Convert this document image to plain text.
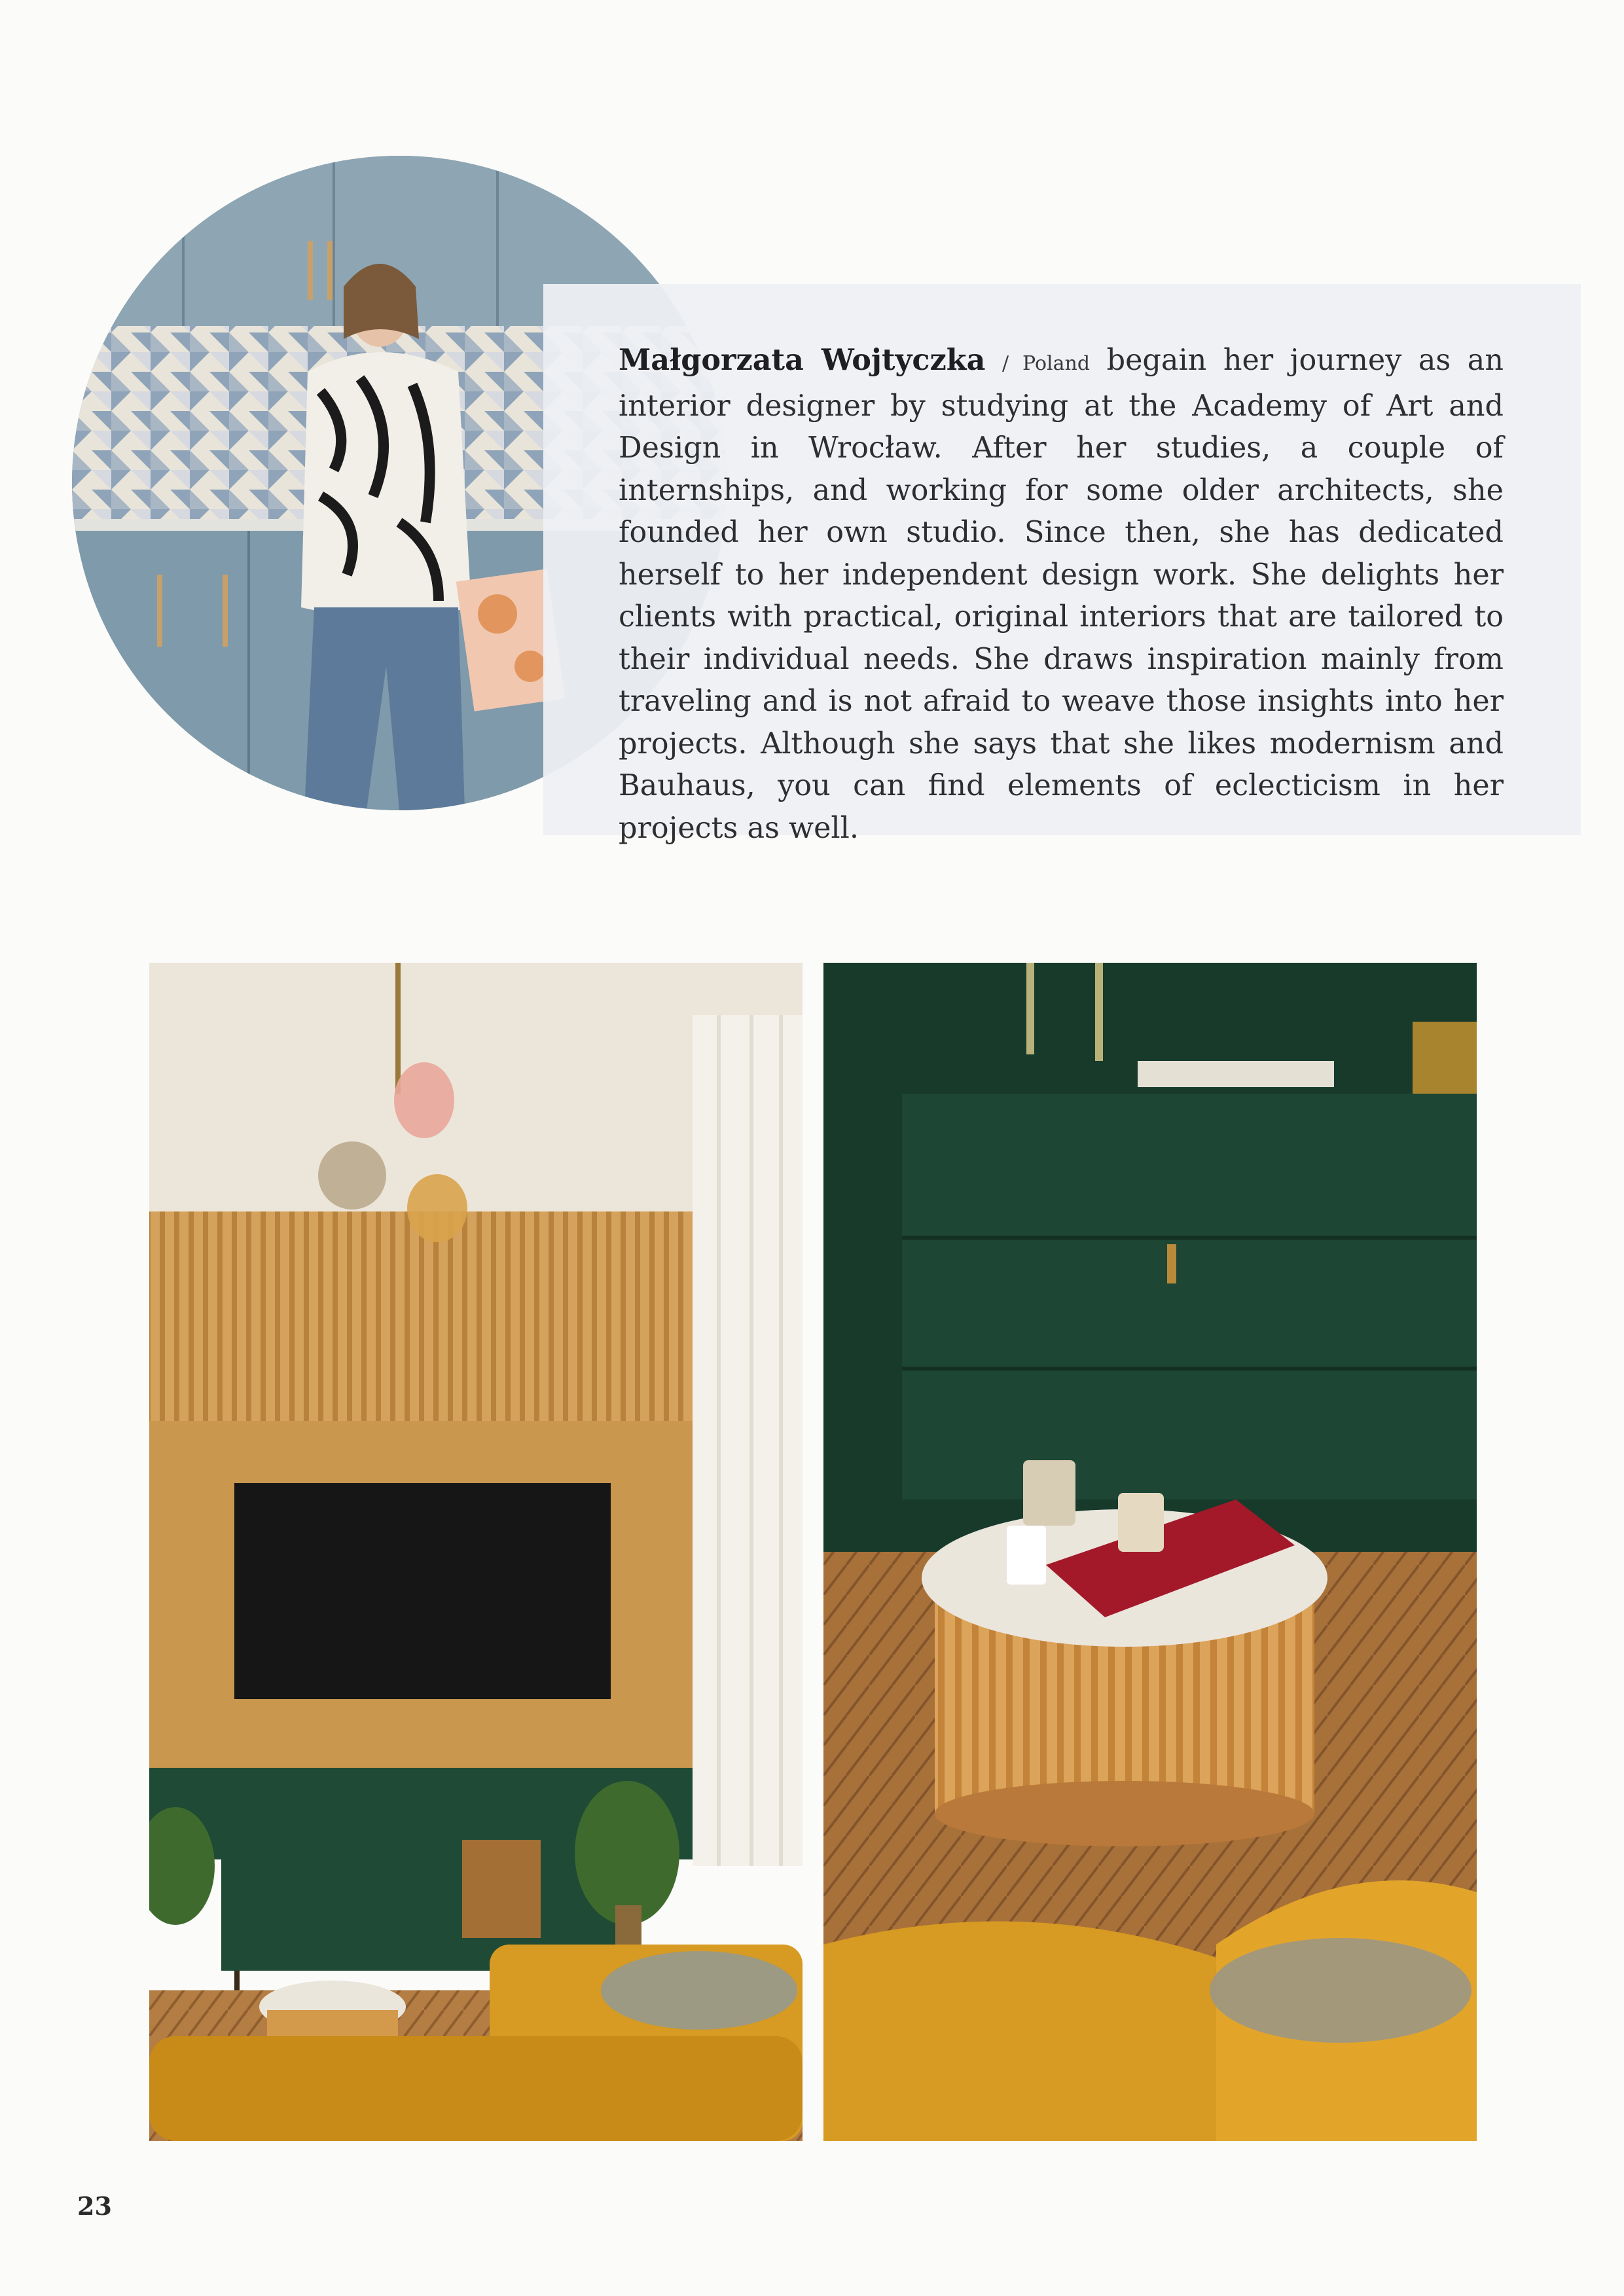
Małgorzata Wojtyczka / Poland begain her journey as an interior designer by studying at the Academy of Art and Design in Wrocław. After her studies, a couple of internships, and working for some older architects, she founded her own studio. Since then, she has dedicated herself to her independent design work. She delights her clients with practical, original interiors that are tailored to their individual needs. She draws inspiration mainly from traveling and is not afraid to weave those insights into her projects. Although she says that she likes modernism and Bauhaus, you can find elements of eclecticism in her projects as well.
23
